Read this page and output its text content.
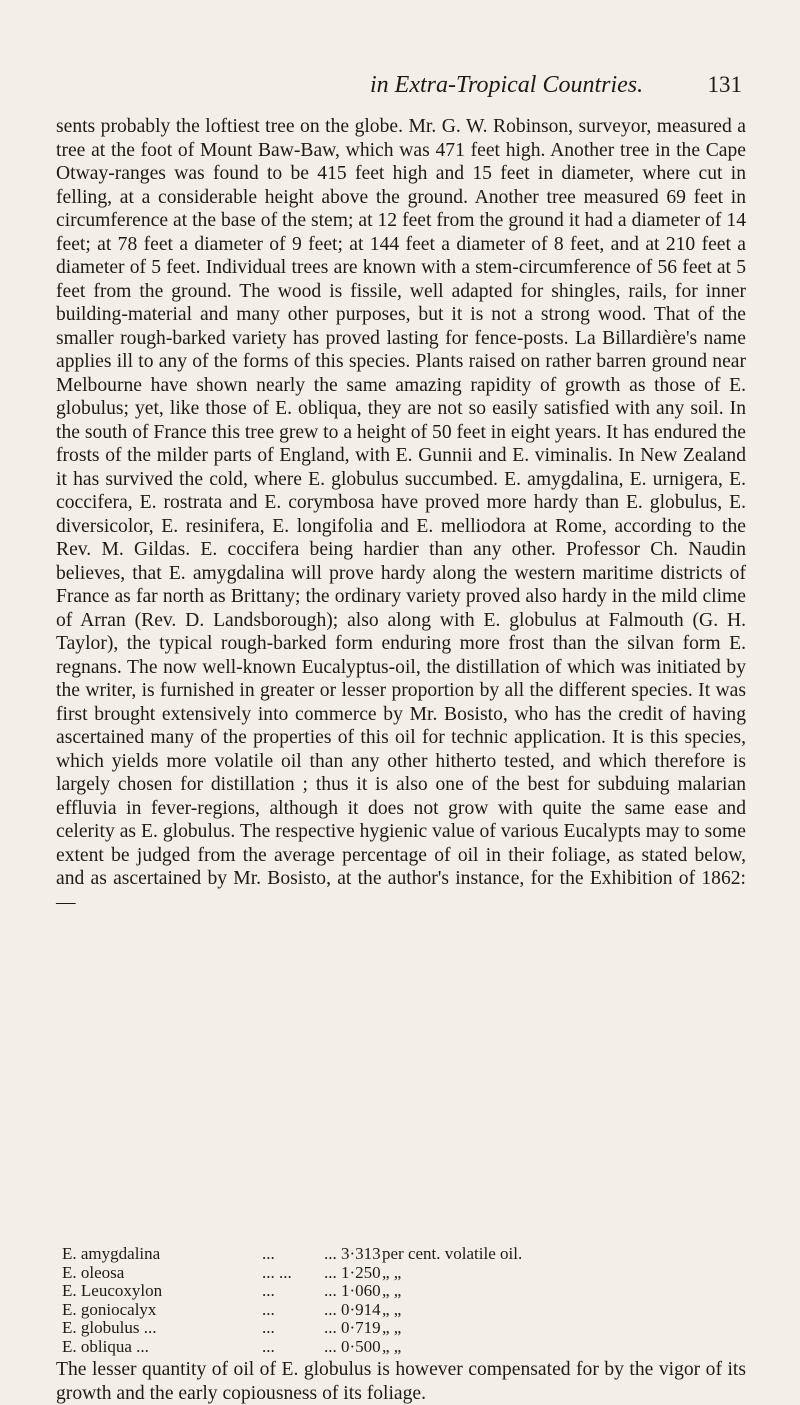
in Extra-Tropical Countries.	131

sents probably the loftiest tree on the globe. Mr. G. W. Robinson, surveyor, measured a tree at the foot of Mount Baw-Baw, which was 471 feet high. Another tree in the Cape Otway-ranges was found to be 415 feet high and 15 feet in diameter, where cut in felling, at a considerable height above the ground. Another tree measured 69 feet in circumference at the base of the stem; at 12 feet from the ground it had a diameter of 14 feet; at 78 feet a diameter of 9 feet; at 144 feet a diameter of 8 feet, and at 210 feet a diameter of 5 feet. Individual trees are known with a stem-circumference of 56 feet at 5 feet from the ground. The wood is fissile, well adapted for shingles, rails, for inner building-material and many other purposes, but it is not a strong wood. That of the smaller rough-barked variety has proved lasting for fence-posts. La Billardière's name applies ill to any of the forms of this species. Plants raised on rather barren ground near Melbourne have shown nearly the same amazing rapidity of growth as those of E. globulus; yet, like those of E. obliqua, they are not so easily satisfied with any soil. In the south of France this tree grew to a height of 50 feet in eight years. It has endured the frosts of the milder parts of England, with E. Gunnii and E. viminalis. In New Zealand it has survived the cold, where E. globulus succumbed. E. amygdalina, E. urnigera, E. coccifera, E. rostrata and E. corymbosa have proved more hardy than E. globulus, E. diversicolor, E. resinifera, E. longifolia and E. melliodora at Rome, according to the Rev. M. Gildas. E. coccifera being hardier than any other. Professor Ch. Naudin believes, that E. amygdalina will prove hardy along the western maritime districts of France as far north as Brittany; the ordinary variety proved also hardy in the mild clime of Arran (Rev. D. Landsborough); also along with E. globulus at Falmouth (G. H. Taylor), the typical rough-barked form enduring more frost than the silvan form E. regnans. The now well-known Eucalyptus-oil, the distillation of which was initiated by the writer, is furnished in greater or lesser proportion by all the different species. It was first brought extensively into commerce by Mr. Bosisto, who has the credit of having ascertained many of the properties of this oil for technic application. It is this species, which yields more volatile oil than any other hitherto tested, and which therefore is largely chosen for distillation ; thus it is also one of the best for subduing malarian effluvia in fever-regions, although it does not grow with quite the same ease and celerity as E. globulus. The respective hygienic value of various Eucalypts may to some extent be judged from the average percentage of oil in their foliage, as stated below, and as ascertained by Mr. Bosisto, at the author's instance, for the Exhibition of 1862:—

E. amygdalina	...	... 3·313 per cent. volatile oil.
E. oleosa	... ...	... 1·250 „ „
E. Leucoxylon	...	... 1·060 „ „
E. goniocalyx	...	... 0·914 „ „
E. globulus ...	...	... 0·719 „ „
E. obliqua ...	...	... 0·500 „ „

The lesser quantity of oil of E. globulus is however compensated for by the vigor of its growth and the early copiousness of its foliage.
